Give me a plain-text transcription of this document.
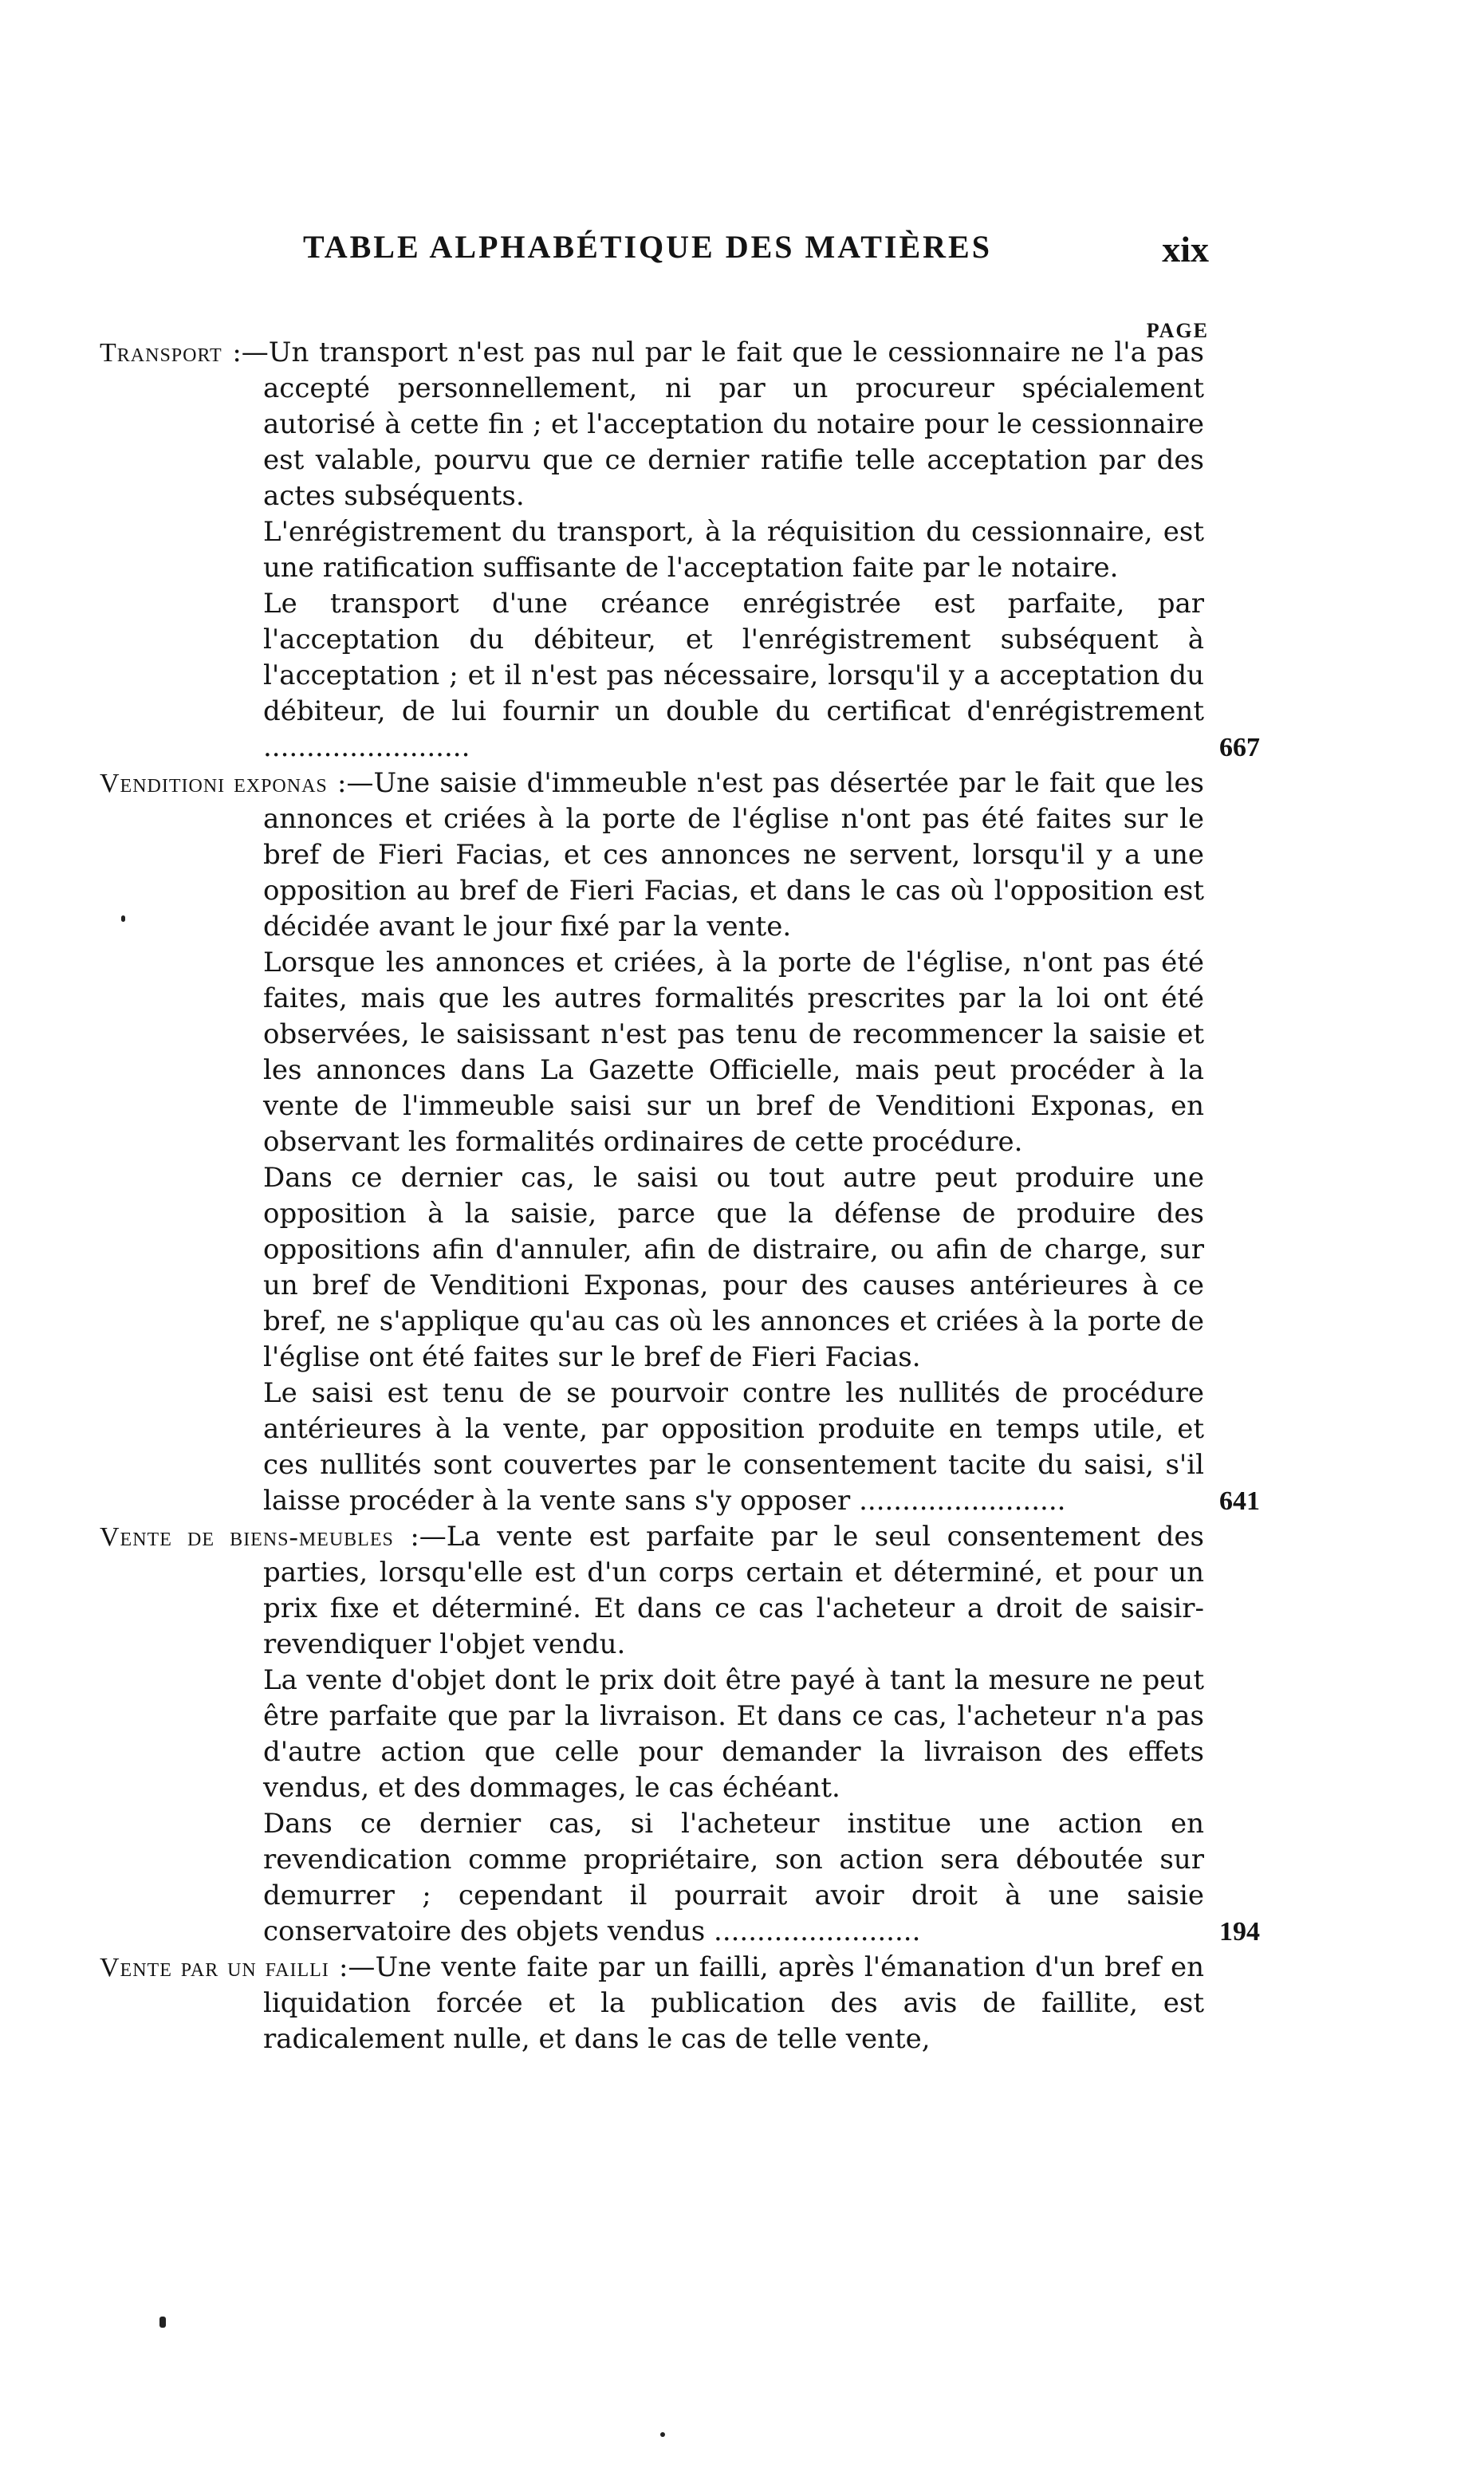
TABLE ALPHABÉTIQUE DES MATIÈRES	xix
PAGE

Transport :—Un transport n'est pas nul par le fait que le cessionnaire ne l'a pas accepté personnellement, ni par un procureur spécialement autorisé à cette fin ; et l'acceptation du notaire pour le cessionnaire est valable, pourvu que ce dernier ratifie telle acceptation par des actes subséquents.

L'enrégistrement du transport, à la réquisition du cessionnaire, est une ratification suffisante de l'acceptation faite par le notaire.

Le transport d'une créance enrégistrée est parfaite, par l'acceptation du débiteur, et l'enrégistrement subséquent à l'acceptation ; et il n'est pas nécessaire, lorsqu'il y a acceptation du débiteur, de lui fournir un double du certificat d'enrégistrement ........................	667

Venditioni exponas :—Une saisie d'immeuble n'est pas désertée par le fait que les annonces et criées à la porte de l'église n'ont pas été faites sur le bref de Fieri Facias, et ces annonces ne servent, lorsqu'il y a une opposition au bref de Fieri Facias, et dans le cas où l'opposition est décidée avant le jour fixé par la vente.

Lorsque les annonces et criées, à la porte de l'église, n'ont pas été faites, mais que les autres formalités prescrites par la loi ont été observées, le saisissant n'est pas tenu de recommencer la saisie et les annonces dans La Gazette Officielle, mais peut procéder à la vente de l'immeuble saisi sur un bref de Venditioni Exponas, en observant les formalités ordinaires de cette procédure.

Dans ce dernier cas, le saisi ou tout autre peut produire une opposition à la saisie, parce que la défense de produire des oppositions afin d'annuler, afin de distraire, ou afin de charge, sur un bref de Venditioni Exponas, pour des causes antérieures à ce bref, ne s'applique qu'au cas où les annonces et criées à la porte de l'église ont été faites sur le bref de Fieri Facias.

Le saisi est tenu de se pourvoir contre les nullités de procédure antérieures à la vente, par opposition produite en temps utile, et ces nullités sont couvertes par le consentement tacite du saisi, s'il laisse procéder à la vente sans s'y opposer ........................	641

Vente de biens-meubles :—La vente est parfaite par le seul consentement des parties, lorsqu'elle est d'un corps certain et déterminé, et pour un prix fixe et déterminé. Et dans ce cas l'acheteur a droit de saisir-revendiquer l'objet vendu.

La vente d'objet dont le prix doit être payé à tant la mesure ne peut être parfaite que par la livraison. Et dans ce cas, l'acheteur n'a pas d'autre action que celle pour demander la livraison des effets vendus, et des dommages, le cas échéant.

Dans ce dernier cas, si l'acheteur institue une action en revendication comme propriétaire, son action sera déboutée sur demurrer ; cependant il pourrait avoir droit à une saisie conservatoire des objets vendus ........................	194

Vente par un failli :—Une vente faite par un failli, après l'émanation d'un bref en liquidation forcée et la publication des avis de faillite, est radicalement nulle, et dans le cas de telle vente,
